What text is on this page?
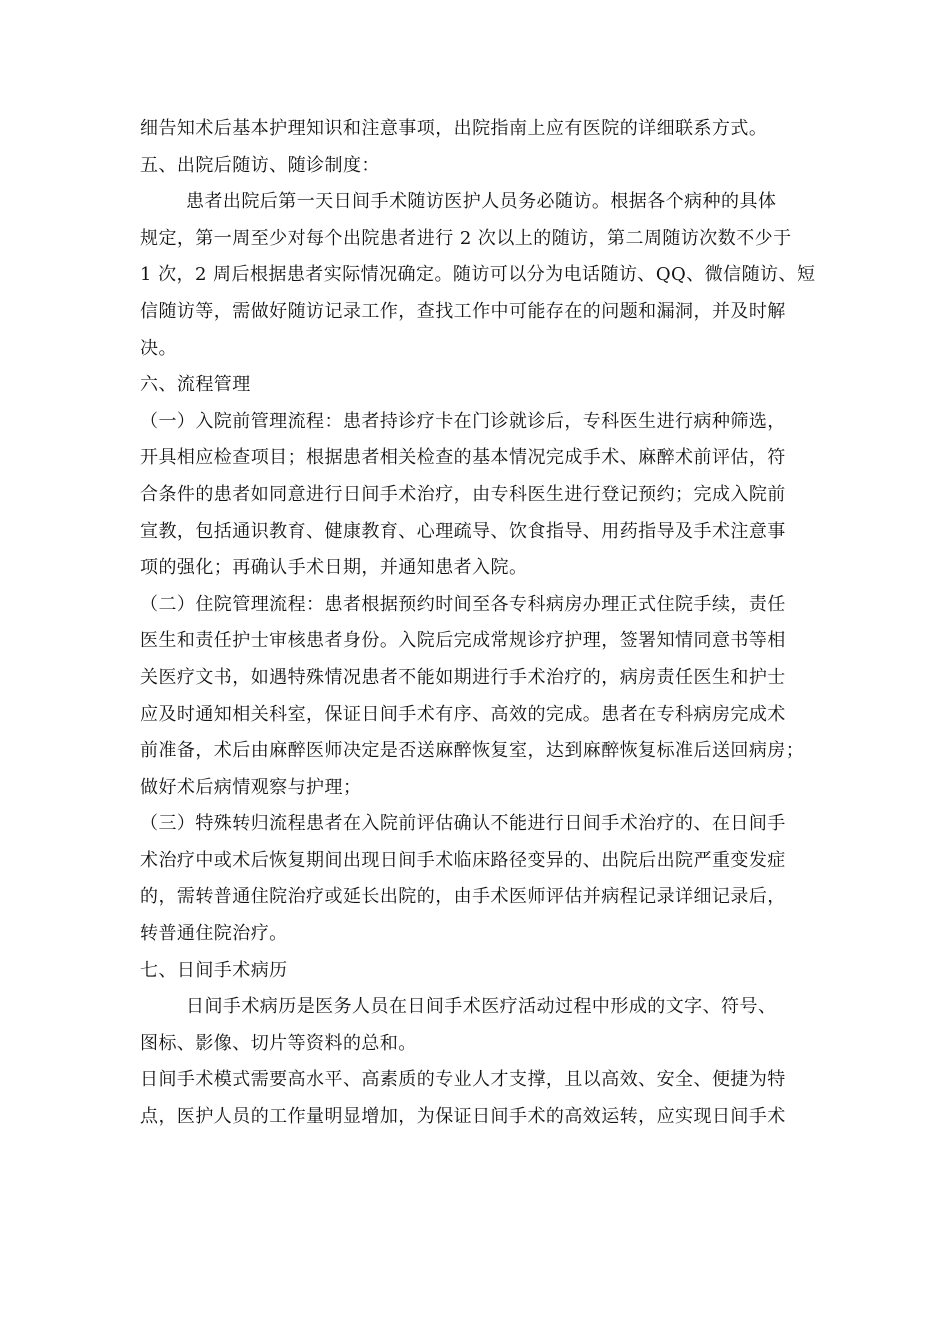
细告知术后基本护理知识和注意事项，出院指南上应有医院的详细联系方式。
五、出院后随访、随诊制度：
患者出院后第一天日间手术随访医护人员务必随访。根据各个病种的具体
规定，第一周至少对每个出院患者进行 2 次以上的随访，第二周随访次数不少于
1 次，2 周后根据患者实际情况确定。随访可以分为电话随访、QQ、微信随访、短
信随访等，需做好随访记录工作，查找工作中可能存在的问题和漏洞，并及时解
决。
六、流程管理
（一）入院前管理流程：患者持诊疗卡在门诊就诊后，专科医生进行病种筛选，
开具相应检查项目；根据患者相关检查的基本情况完成手术、麻醉术前评估，符
合条件的患者如同意进行日间手术治疗，由专科医生进行登记预约；完成入院前
宣教，包括通识教育、健康教育、心理疏导、饮食指导、用药指导及手术注意事
项的强化；再确认手术日期，并通知患者入院。
（二）住院管理流程：患者根据预约时间至各专科病房办理正式住院手续，责任
医生和责任护士审核患者身份。入院后完成常规诊疗护理，签署知情同意书等相
关医疗文书，如遇特殊情况患者不能如期进行手术治疗的，病房责任医生和护士
应及时通知相关科室，保证日间手术有序、高效的完成。患者在专科病房完成术
前准备，术后由麻醉医师决定是否送麻醉恢复室，达到麻醉恢复标准后送回病房；
做好术后病情观察与护理；
（三）特殊转归流程患者在入院前评估确认不能进行日间手术治疗的、在日间手
术治疗中或术后恢复期间出现日间手术临床路径变异的、出院后出院严重变发症
的，需转普通住院治疗或延长出院的，由手术医师评估并病程记录详细记录后，
转普通住院治疗。
七、日间手术病历
日间手术病历是医务人员在日间手术医疗活动过程中形成的文字、符号、
图标、影像、切片等资料的总和。
日间手术模式需要高水平、高素质的专业人才支撑，且以高效、安全、便捷为特
点，医护人员的工作量明显增加，为保证日间手术的高效运转，应实现日间手术
